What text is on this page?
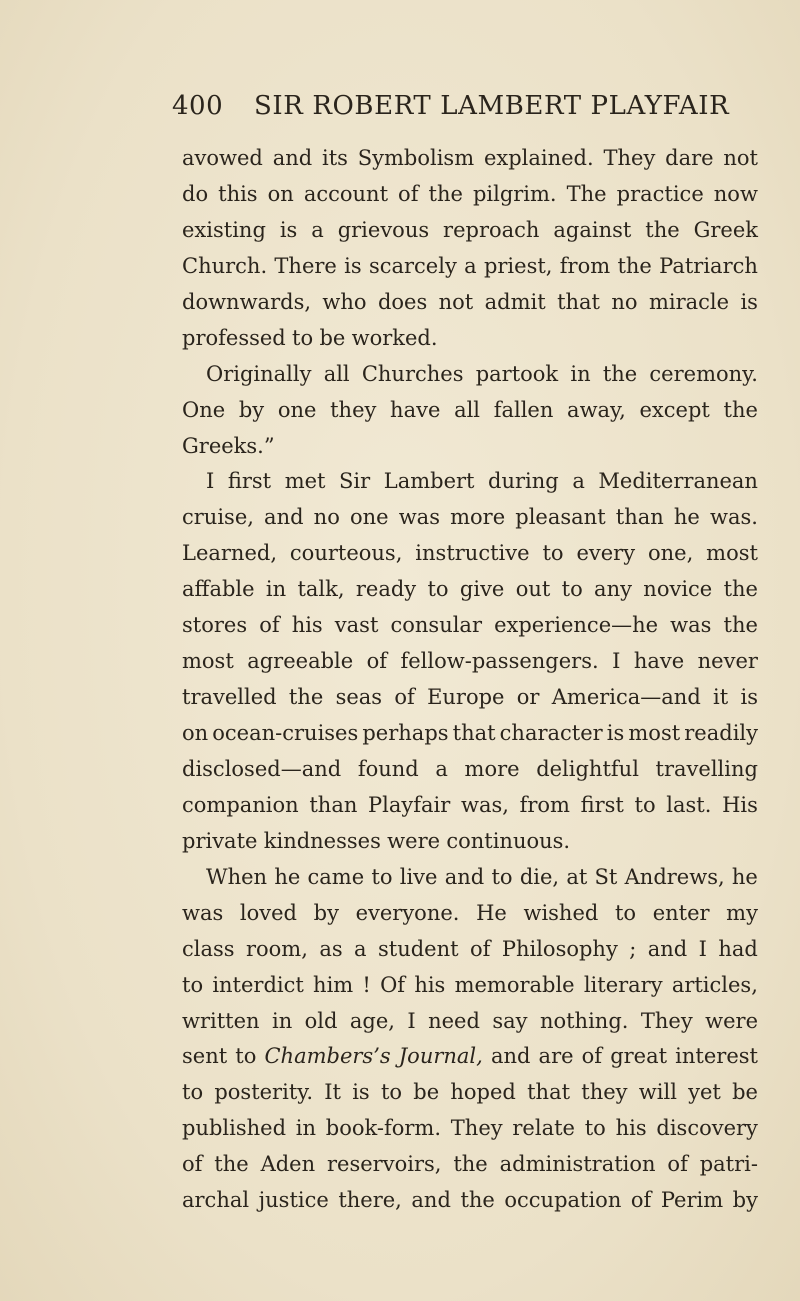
400 SIR ROBERT LAMBERT PLAYFAIR
avowed and its Symbolism explained. They dare not
do this on account of the pilgrim. The practice now
existing is a grievous reproach against the Greek
Church. There is scarcely a priest, from the Patriarch
downwards, who does not admit that no miracle is
professed to be worked.
Originally all Churches partook in the ceremony.
One by one they have all fallen away, except the
Greeks.”
I first met Sir Lambert during a Mediterranean
cruise, and no one was more pleasant than he was.
Learned, courteous, instructive to every one, most
affable in talk, ready to give out to any novice the
stores of his vast consular experience—he was the
most agreeable of fellow-passengers. I have never
travelled the seas of Europe or America—and it is
on ocean-cruises perhaps that character is most readily
disclosed—and found a more delightful travelling
companion than Playfair was, from first to last. His
private kindnesses were continuous.
When he came to live and to die, at St Andrews, he
was loved by everyone. He wished to enter my
class room, as a student of Philosophy ; and I had
to interdict him ! Of his memorable literary articles,
written in old age, I need say nothing. They were
sent to Chambers’s Journal, and are of great interest
to posterity. It is to be hoped that they will yet be
published in book-form. They relate to his discovery
of the Aden reservoirs, the administration of patri-
archal justice there, and the occupation of Perim by
